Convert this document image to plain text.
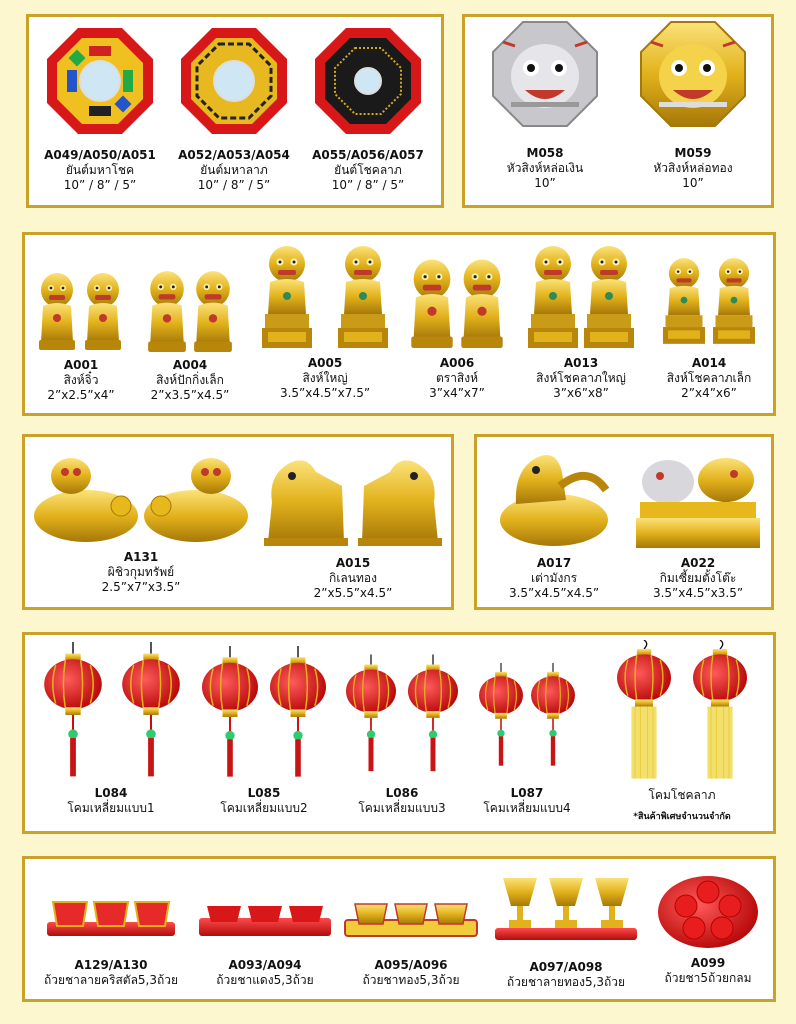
A049/A050/A051
ยันต์มหาโชค
10” / 8” / 5”
A052/A053/A054
ยันต์มหาลาภ
10” / 8” / 5”
A055/A056/A057
ยันต์โชคลาภ
10” / 8” / 5”
M058
หัวสิงห์หล่อเงิน
10”
M059
หัวสิงห์หล่อทอง
10”
A001
สิงห์จิ๋ว
2”x2.5”x4”
A004
สิงห์ปักกิ่งเล็ก
2”x3.5”x4.5”
A005
สิงห์ใหญ่
3.5”x4.5”x7.5”
A006
ตราสิงห์
3”x4”x7”
A013
สิงห์โชคลาภใหญ่
3”x6”x8”
A014
สิงห์โชคลาภเล็ก
2”x4”x6”
A131
ผิชิวกุมทรัพย์
2.5”x7”x3.5”
A015
กิเลนทอง
2”x5.5”x4.5”
A017
เต่ามังกร
3.5”x4.5”x4.5”
A022
กิมเซี้ยมตั้งโต๊ะ
3.5”x4.5”x3.5”
L084
โคมเหลี่ยมแบบ1
L085
โคมเหลี่ยมแบบ2
L086
โคมเหลี่ยมแบบ3
L087
โคมเหลี่ยมแบบ4
โคมโชคลาภ
*สินค้าพิเศษจำนวนจำกัด
A129/A130
ถ้วยชาลายคริสตัล5,3ถ้วย
A093/A094
ถ้วยชาแดง5,3ถ้วย
A095/A096
ถ้วยชาทอง5,3ถ้วย
A097/A098
ถ้วยชาลายทอง5,3ถ้วย
A099
ถ้วยชา5ถ้วยกลม
